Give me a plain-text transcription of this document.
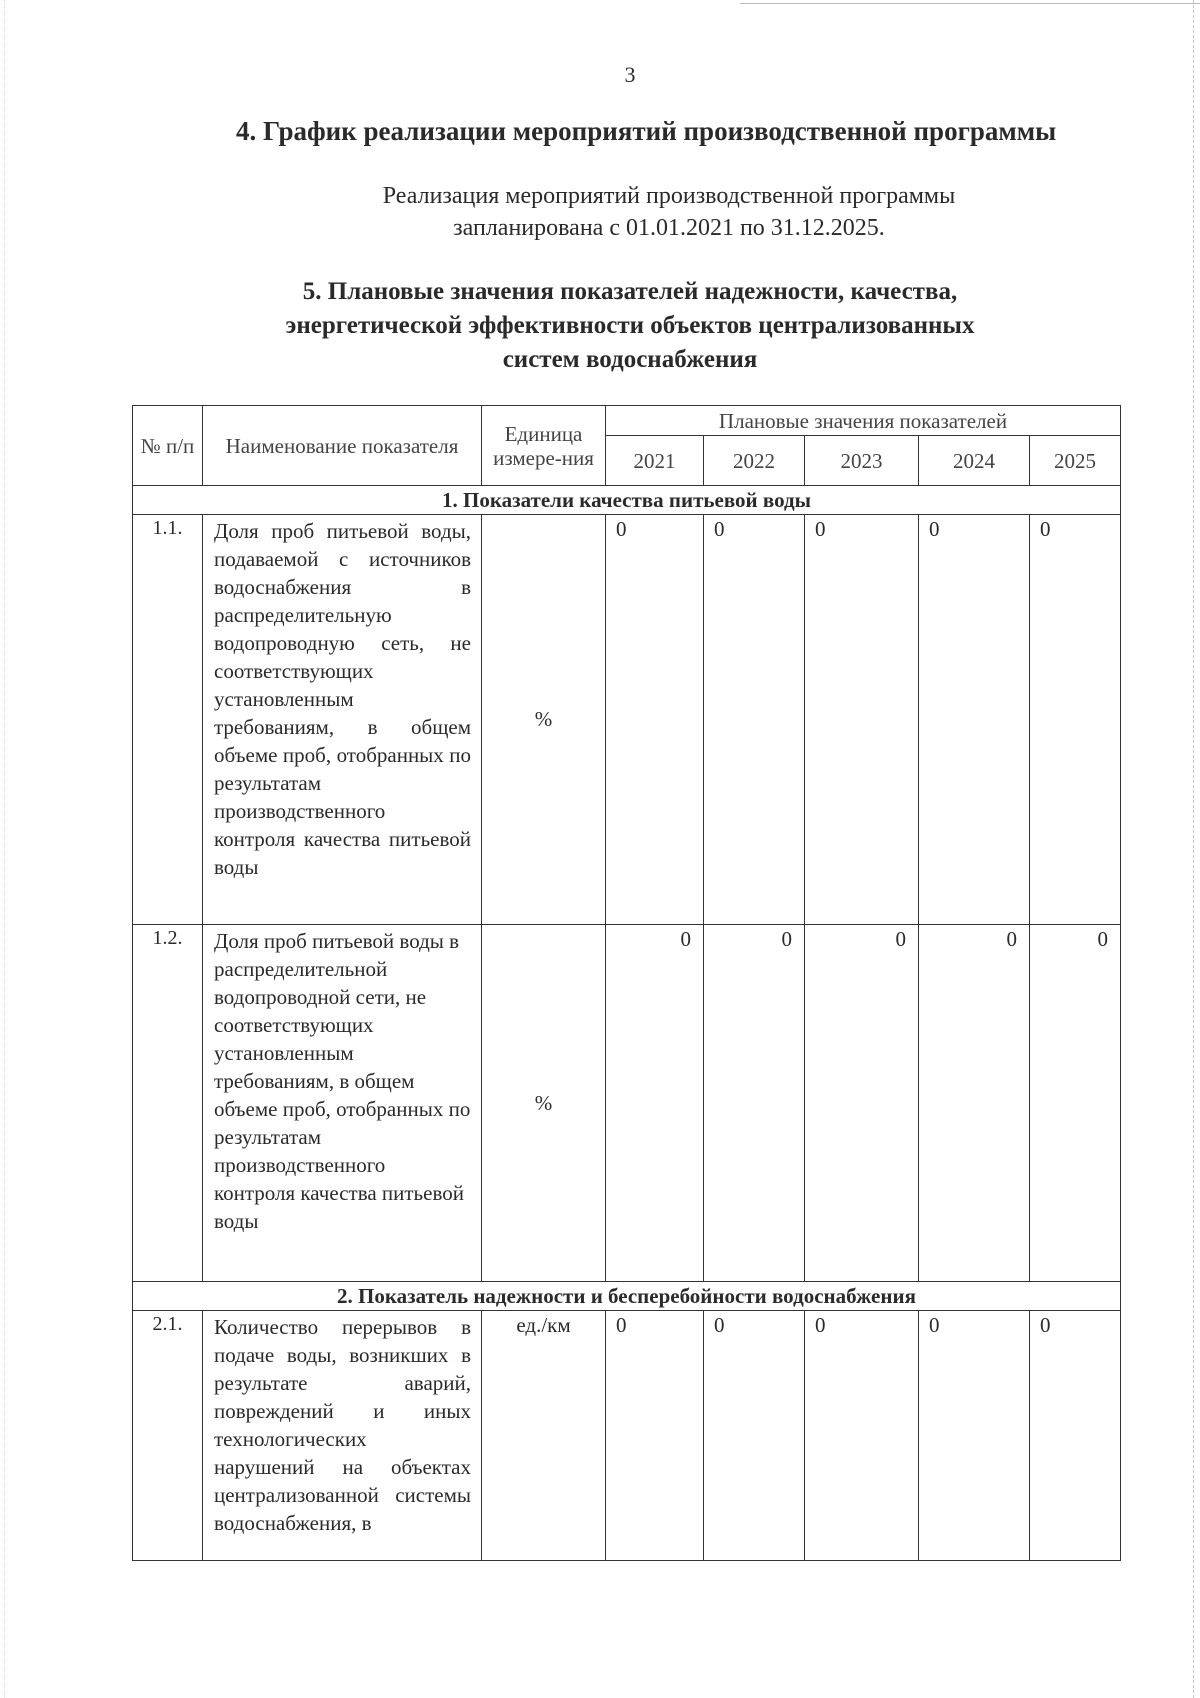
3
4. График реализации мероприятий производственной программы
Реализация мероприятий производственной программы
запланирована с 01.01.2021 по 31.12.2025.
5. Плановые значения показателей надежности, качества,
энергетической эффективности объектов централизованных
систем водоснабжения
№ п/п	Наименование показателя	Единица измере-ния	Плановые значения показателей				
			2021	2022	2023	2024	2025
1. Показатели качества питьевой воды							
1.1.	Доля проб питьевой воды, подаваемой с источников водоснабжения в распределительную водопроводную сеть, не соответствующих установленным требованиям, в общем объеме проб, отобранных по результатам производственного контроля качества питьевой воды	%	0	0	0	0	0
1.2.	Доля проб питьевой воды в распределительной водопроводной сети, не соответствующих установленным требованиям, в общем объеме проб, отобранных по результатам производственного контроля качества питьевой воды	%	0	0	0	0	0
2. Показатель надежности и бесперебойности водоснабжения							
2.1.	Количество перерывов в подаче воды, возникших в результате аварий, повреждений и иных технологических нарушений на объектах централизованной системы водоснабжения, в	ед./км	0	0	0	0	0
